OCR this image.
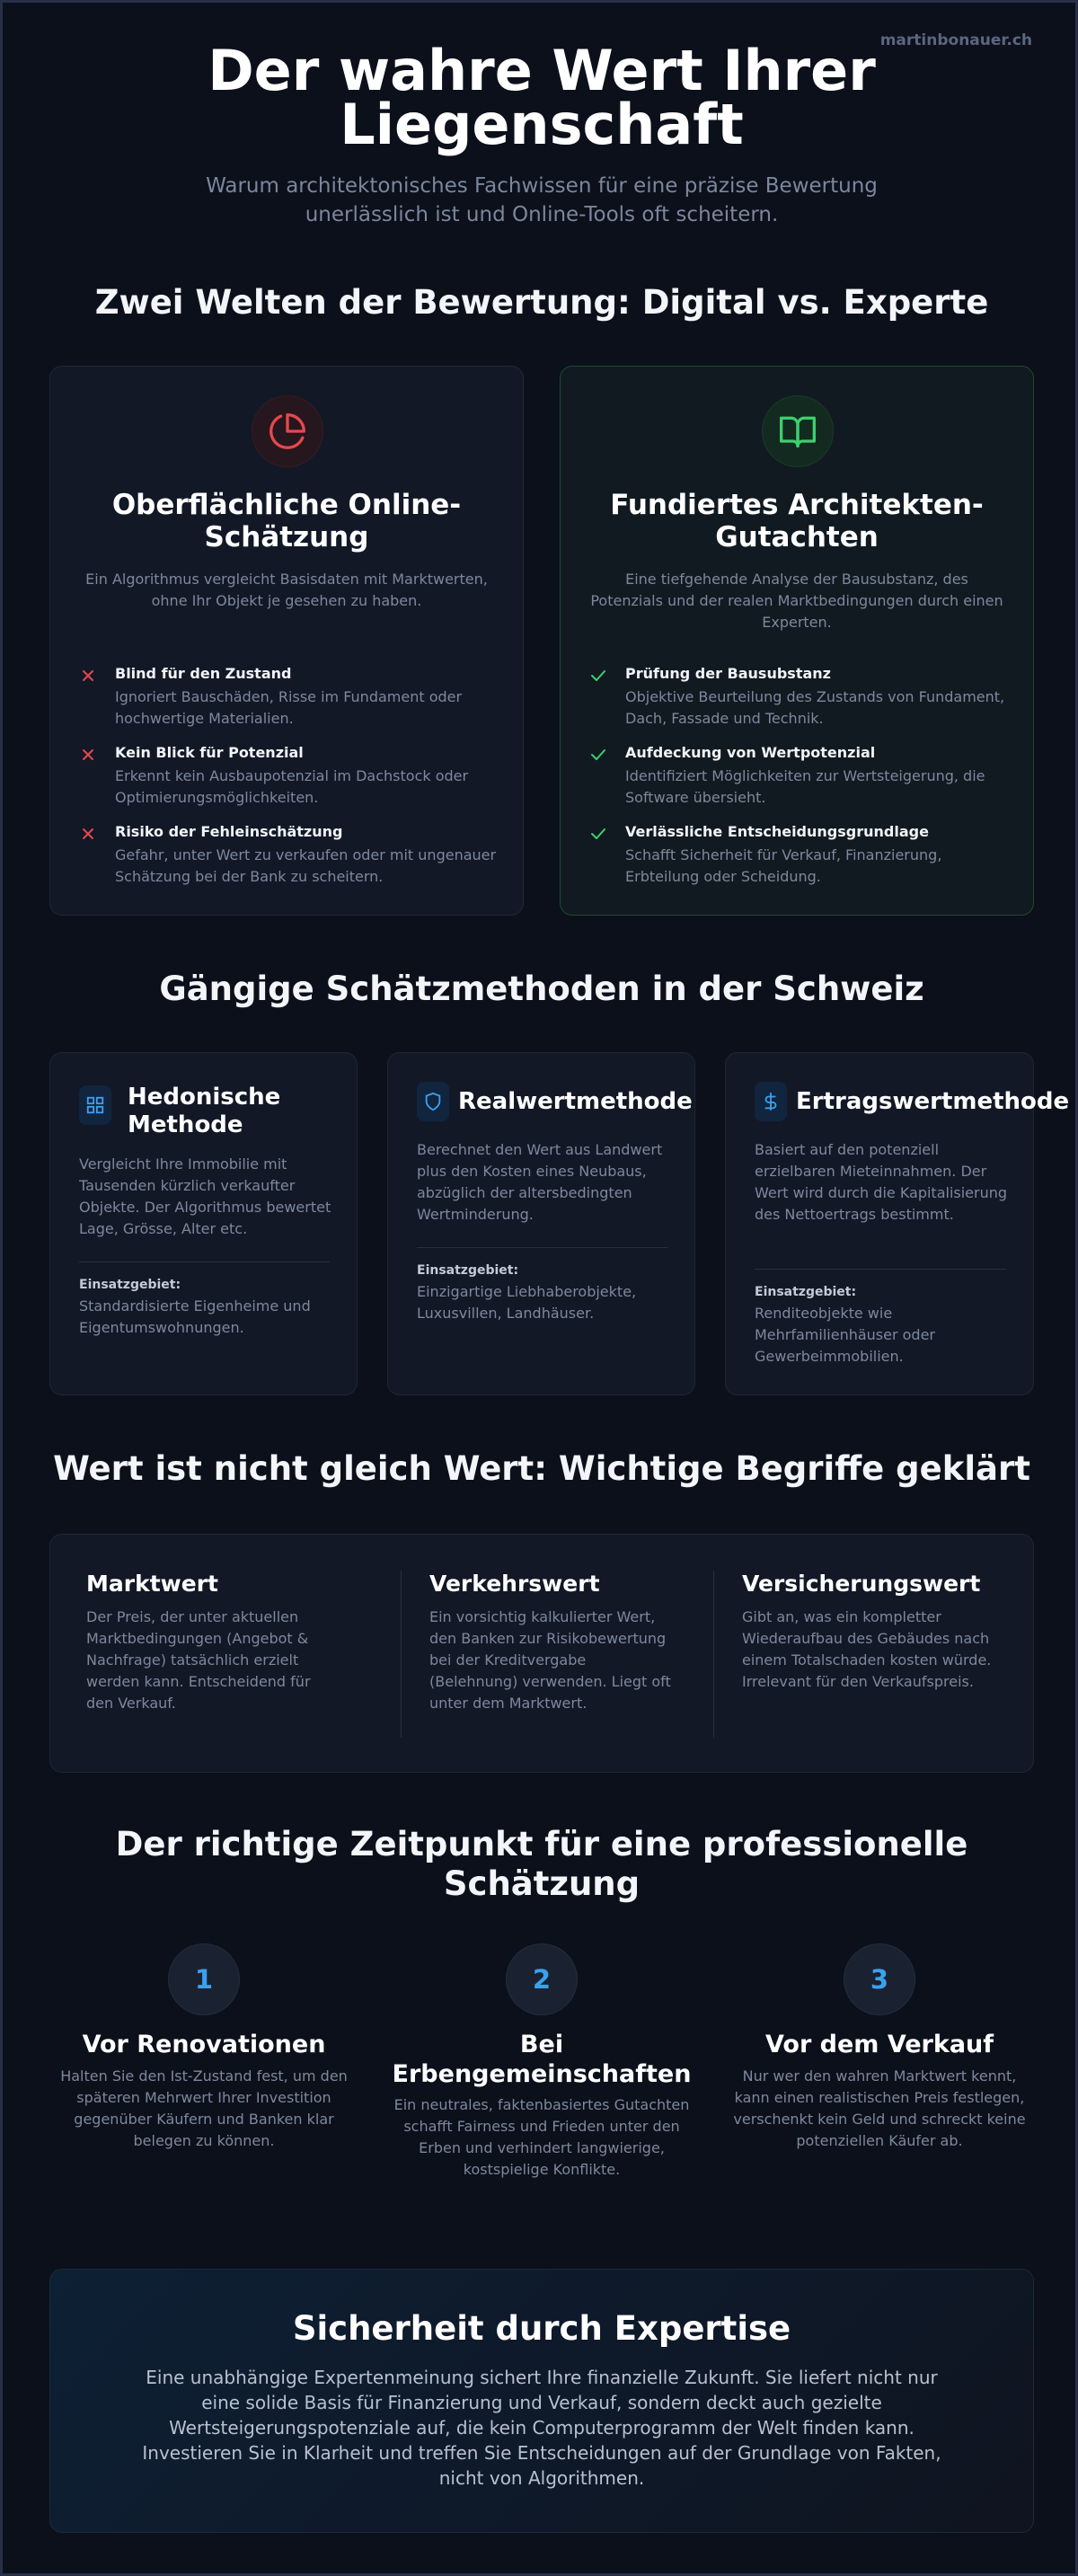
martinbonauer.ch
Der wahre Wert Ihrer Liegenschaft

Warum architektonisches Fachwissen für eine präzise Bewertung unerlässlich ist und Online-Tools oft scheitern.

Zwei Welten der Bewertung: Digital vs. Experte
Oberflächliche Online-Schätzung
Ein Algorithmus vergleicht Basisdaten mit Marktwerten, ohne Ihr Objekt je gesehen zu haben.
Blind für den Zustand
Ignoriert Bauschäden, Risse im Fundament oder hochwertige Materialien.
Kein Blick für Potenzial
Erkennt kein Ausbaupotenzial im Dachstock oder Optimierungsmöglichkeiten.
Risiko der Fehleinschätzung
Gefahr, unter Wert zu verkaufen oder mit ungenauer Schätzung bei der Bank zu scheitern.
Fundiertes Architekten-Gutachten
Eine tiefgehende Analyse der Bausubstanz, des Potenzials und der realen Marktbedingungen durch einen Experten.
Prüfung der Bausubstanz
Objektive Beurteilung des Zustands von Fundament, Dach, Fassade und Technik.
Aufdeckung von Wertpotenzial
Identifiziert Möglichkeiten zur Wertsteigerung, die Software übersieht.
Verlässliche Entscheidungsgrundlage
Schafft Sicherheit für Verkauf, Finanzierung, Erbteilung oder Scheidung.
Gängige Schätzmethoden in der Schweiz
Hedonische Methode
Vergleicht Ihre Immobilie mit Tausenden kürzlich verkaufter Objekte. Der Algorithmus bewertet Lage, Grösse, Alter etc.
Einsatzgebiet:
Standardisierte Eigenheime und Eigentumswohnungen.
Realwertmethode
Berechnet den Wert aus Landwert plus den Kosten eines Neubaus, abzüglich der altersbedingten Wertminderung.
Einsatzgebiet:
Einzigartige Liebhaberobjekte, Luxusvillen, Landhäuser.
Ertragswertmethode
Basiert auf den potenziell erzielbaren Mieteinnahmen. Der Wert wird durch die Kapitalisierung des Nettoertrags bestimmt.
Einsatzgebiet:
Renditeobjekte wie Mehrfamilienhäuser oder Gewerbeimmobilien.
Wert ist nicht gleich Wert: Wichtige Begriffe geklärt
Marktwert
Der Preis, der unter aktuellen Marktbedingungen (Angebot & Nachfrage) tatsächlich erzielt werden kann. Entscheidend für den Verkauf.
Verkehrswert
Ein vorsichtig kalkulierter Wert, den Banken zur Risikobewertung bei der Kreditvergabe (Belehnung) verwenden. Liegt oft unter dem Marktwert.
Versicherungswert
Gibt an, was ein kompletter Wiederaufbau des Gebäudes nach einem Totalschaden kosten würde. Irrelevant für den Verkaufspreis.
Der richtige Zeitpunkt für eine professionelle Schätzung
1
Vor Renovationen
Halten Sie den Ist-Zustand fest, um den späteren Mehrwert Ihrer Investition gegenüber Käufern und Banken klar belegen zu können.
2
Bei Erbengemeinschaften
Ein neutrales, faktenbasiertes Gutachten schafft Fairness und Frieden unter den Erben und verhindert langwierige, kostspielige Konflikte.
3
Vor dem Verkauf
Nur wer den wahren Marktwert kennt, kann einen realistischen Preis festlegen, verschenkt kein Geld und schreckt keine potenziellen Käufer ab.
Sicherheit durch Expertise
Eine unabhängige Expertenmeinung sichert Ihre finanzielle Zukunft. Sie liefert nicht nur eine solide Basis für Finanzierung und Verkauf, sondern deckt auch gezielte Wertsteigerungspotenziale auf, die kein Computerprogramm der Welt finden kann. Investieren Sie in Klarheit und treffen Sie Entscheidungen auf der Grundlage von Fakten, nicht von Algorithmen.
